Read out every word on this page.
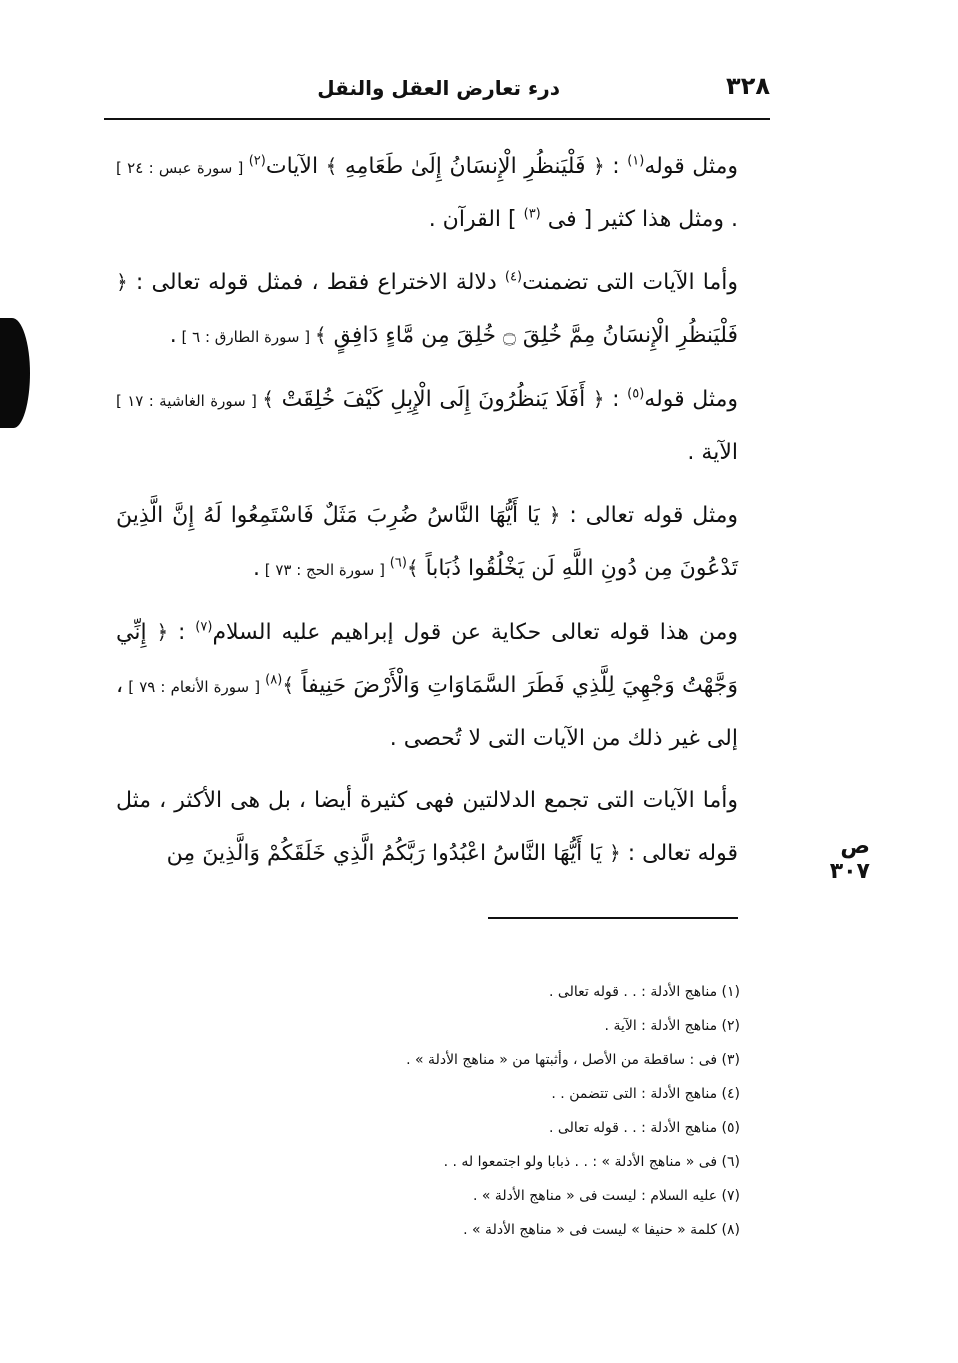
٣٢٨
درء تعارض العقل والنقل

ومثل قوله$^{(١)}$ : ﴿ فَلْيَنظُرِ الْإِنسَانُ إِلَىٰ طَعَامِهِ ﴾ الآيات$^{(٢)}$ [ سورة عبس : ٢٤ ] . ومثل هذا كثير [ فى $^{(٣)}$ ] القرآن .

وأما الآيات التى تضمنت$^{(٤)}$ دلالة الاختراع فقط ، فمثل قوله تعالى : ﴿ فَلْيَنظُرِ الْإِنسَانُ مِمَّ خُلِقَ ۝ خُلِقَ مِن مَّاءٍ دَافِقٍ ﴾ [ سورة الطارق : ٦ ] .

ومثل قوله$^{(٥)}$ : ﴿ أَفَلَا يَنظُرُونَ إِلَى الْإِبِلِ كَيْفَ خُلِقَتْ ﴾ [ سورة الغاشية : ١٧ ] الآية .

ومثل قوله تعالى : ﴿ يَا أَيُّهَا النَّاسُ ضُرِبَ مَثَلٌ فَاسْتَمِعُوا لَهُ إِنَّ الَّذِينَ تَدْعُونَ مِن دُونِ اللَّهِ لَن يَخْلُقُوا ذُبَاباً ﴾$^{(٦)}$ [ سورة الحج : ٧٣ ] .

ومن هذا قوله تعالى حكاية عن قول إبراهيم عليه السلام$^{(٧)}$ : ﴿ إِنِّي وَجَّهْتُ وَجْهِيَ لِلَّذِي فَطَرَ السَّمَاوَاتِ وَالْأَرْضَ حَنِيفاً ﴾$^{(٨)}$ [ سورة الأنعام : ٧٩ ] ، إلى غير ذلك من الآيات التى لا تُحصى .

وأما الآيات التى تجمع الدلالتين فهى كثيرة أيضا ، بل هى الأكثر ، مثل قوله تعالى : ﴿ يَا أَيُّهَا النَّاسُ اعْبُدُوا رَبَّكُمُ الَّذِي خَلَقَكُمْ وَالَّذِينَ مِن	ص ٣٠٧
(١) مناهج الأدلة : . . قوله تعالى .
(٢) مناهج الأدلة : الآية .
(٣) فى : ساقطة من الأصل ، وأثبتها من « مناهج الأدلة » .
(٤) مناهج الأدلة : التى تتضمن . .
(٥) مناهج الأدلة : . . قوله تعالى .
(٦) فى « مناهج الأدلة » : . . ذبابا ولو اجتمعوا له . .
(٧) عليه السلام : ليست فى « مناهج الأدلة » .
(٨) كلمة « حنيفا » ليست فى « مناهج الأدلة » .
